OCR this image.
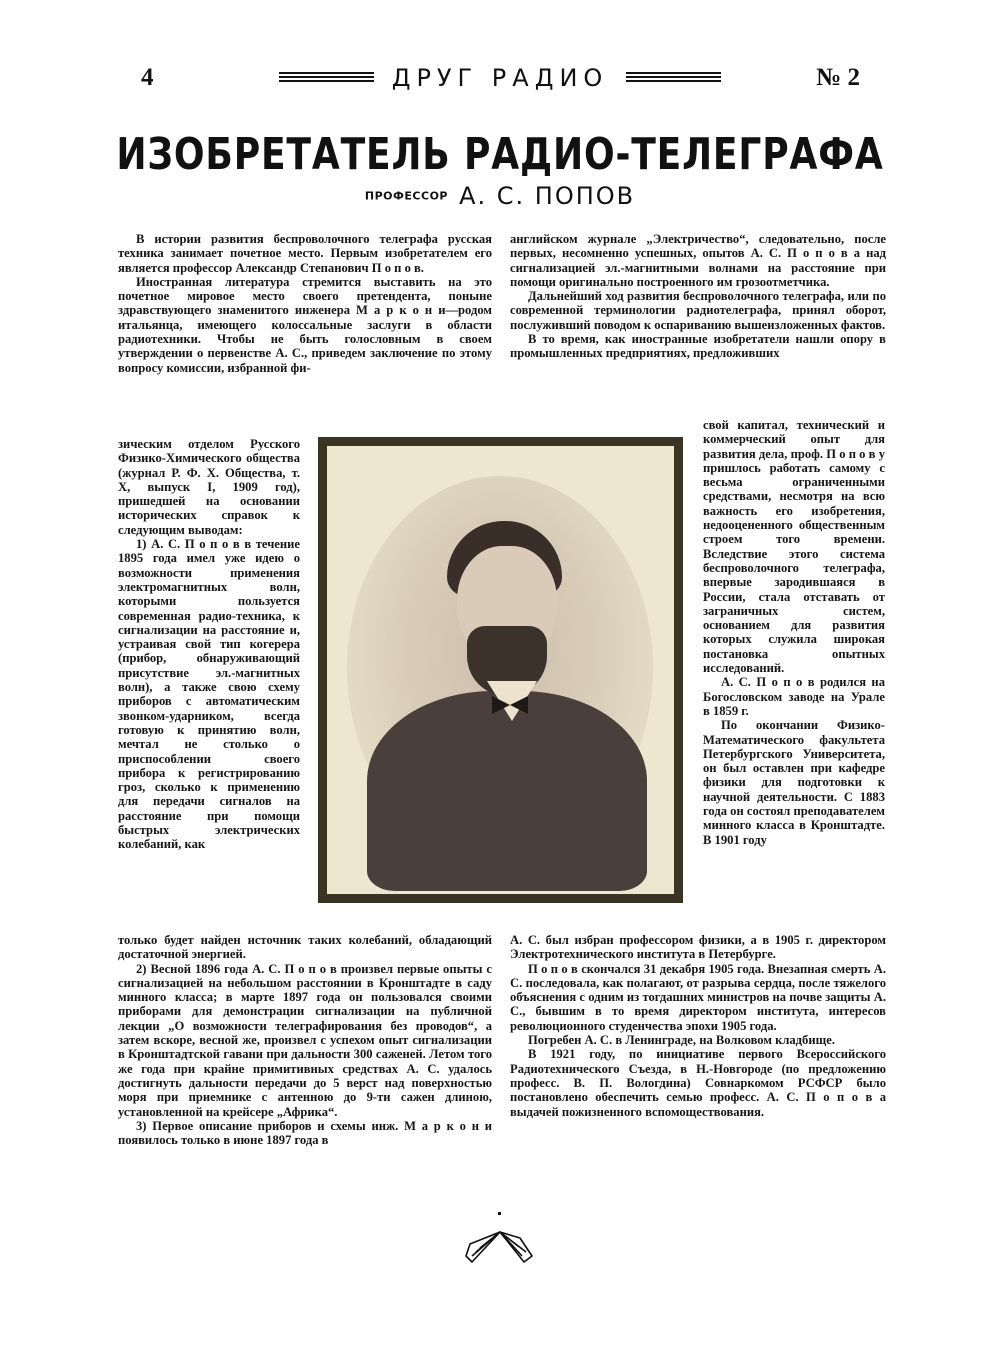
4	ДРУГ РАДИО	№ 2
ИЗОБРЕТАТЕЛЬ РАДИО-ТЕЛЕГРАФА
ПРОФЕССОР А. С. ПОПОВ

В истории развития беспроволочного телеграфа русская техника занимает почетное место. Первым изобретателем его является профессор Александр Степанович П о п о в.

Иностранная литература стремится выставить на это почетное мировое место своего претендента, поныне здравствующего знаменитого инженера М а р к о н и—родом итальянца, имеющего колоссальные заслуги в области радиотехники. Чтобы не быть голословным в своем утверждении о первенстве А. С., приведем заключение по этому вопросу комиссии, избранной фи-

зическим отделом Русского Физико-Химического общества (журнал Р. Ф. Х. Общества, т. X, выпуск I, 1909 год), пришедшей на основании исторических справок к следующим выводам:

1) А. С. П о п о в в течение 1895 года имел уже идею о возможности применения электромагнитных волн, которыми пользуется современная радио-техника, к сигнализации на расстояние и, устраивая свой тип когерера (прибор, обнаруживающий присутствие эл.-магнитных волн), а также свою схему приборов с автоматическим звонком-ударником, всегда готовую к принятию волн, мечтал не столько о приспособлении своего прибора к регистрированию гроз, сколько к применению для передачи сигналов на расстояние при помощи быстрых электрических колебаний, как

только будет найден источник таких колебаний, обладающий достаточной энергией.

2) Весной 1896 года А. С. П о п о в произвел первые опыты с сигнализацией на небольшом расстоянии в Кронштадте в саду минного класса; в марте 1897 года он пользовался своими приборами для демонстрации сигнализации на публичной лекции „О возможности телеграфирования без проводов“, а затем вскоре, весной же, произвел с успехом опыт сигнализации в Кронштадтской гавани при дальности 300 саженей. Летом того же года при крайне примитивных средствах А. С. удалось достигнуть дальности передачи до 5 верст над поверхностью моря при приемнике с антенною до 9-ти сажен длиною, установленной на крейсере „Африка“.

3) Первое описание приборов и схемы инж. М а р к о н и появилось только в июне 1897 года в

английском журнале „Электричество“, следовательно, после первых, несомненно успешных, опытов А. С. П о п о в а над сигнализацией эл.-магнитными волнами на расстояние при помощи оригинально построенного им грозоотметчика.

Дальнейший ход развития беспроволочного телеграфа, или по современной терминологии радиотелеграфа, принял оборот, послуживший поводом к оспариванию вышеизложенных фактов.

В то время, как иностранные изобретатели нашли опору в промышленных предприятиях, предложивших

свой капитал, технический и коммерческий опыт для развития дела, проф. П о п о в у пришлось работать самому с весьма ограниченными средствами, несмотря на всю важность его изобретения, недооцененного общественным строем того времени. Вследствие этого система беспроволочного телеграфа, впервые зародившаяся в России, стала отставать от заграничных систем, основанием для развития которых служила широкая постановка опытных исследований.

А. С. П о п о в родился на Богословском заводе на Урале в 1859 г.

По окончании Физико-Математического факультета Петербургского Университета, он был оставлен при кафедре физики для подготовки к научной деятельности. С 1883 года он состоял преподавателем минного класса в Кронштадте. В 1901 году

А. С. был избран профессором физики, а в 1905 г. директором Электротехнического института в Петербурге.

П о п о в скончался 31 декабря 1905 года. Внезапная смерть А. С. последовала, как полагают, от разрыва сердца, после тяжелого объяснения с одним из тогдашних министров на почве защиты А. С., бывшим в то время директором института, интересов революционного студенчества эпохи 1905 года.

Погребен А. С. в Ленинграде, на Волковом кладбище.

В 1921 году, по инициативе первого Всероссийского Радиотехнического Съезда, в Н.-Новгороде (по предложению професс. В. П. Вологдина) Совнаркомом РСФСР было постановлено обеспечить семью професс. А. С. П о п о в а выдачей пожизненного вспомоществования.
